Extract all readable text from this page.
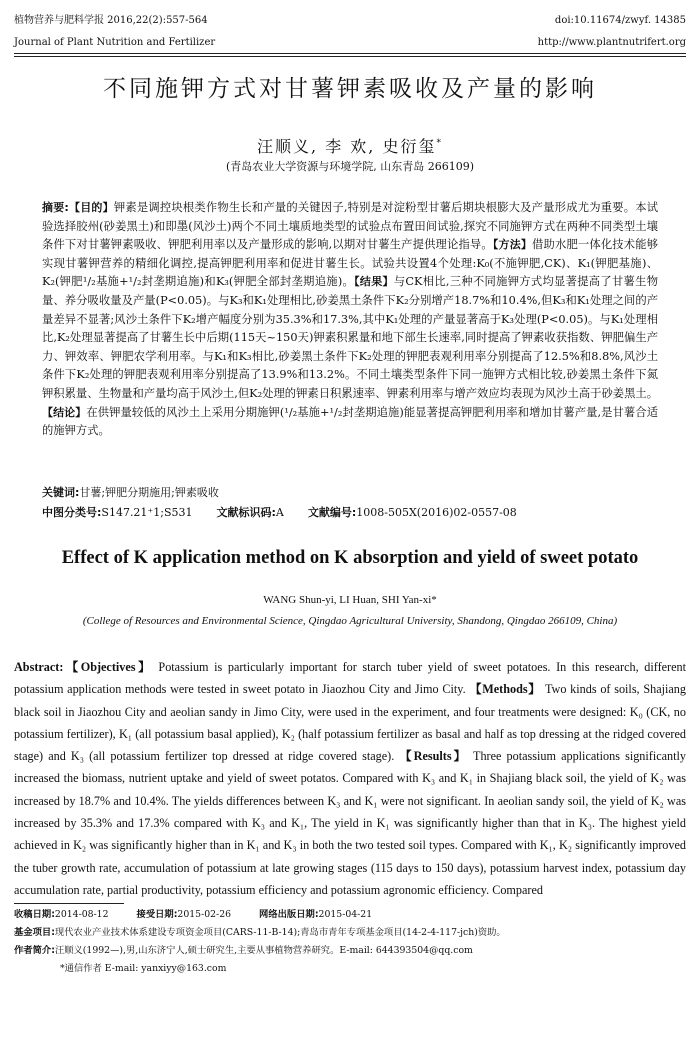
植物营养与肥料学报 2016,22(2):557-564	doi:10.11674/zwyf. 14385
Journal of Plant Nutrition and Fertilizer	http://www.plantnutrifert.org
不同施钾方式对甘薯钾素吸收及产量的影响
汪顺义, 李 欢, 史衍玺*
(青岛农业大学资源与环境学院, 山东青岛 266109)
摘要:【目的】钾素是调控块根类作物生长和产量的关键因子,特别是对淀粉型甘薯后期块根膨大及产量形成尤为重要。本试验选择胶州(砂姜黑土)和即墨(风沙土)两个不同土壤质地类型的试验点布置田间试验,探究不同施钾方式在两种不同类型土壤条件下对甘薯钾素吸收、钾肥利用率以及产量形成的影响,以期对甘薯生产提供理论指导。【方法】借助水肥一体化技术能够实现甘薯钾营养的精细化调控,提高钾肥利用率和促进甘薯生长。试验共设置4个处理:K₀(不施钾肥,CK)、K₁(钾肥基施)、K₂(钾肥¹/₂基施+¹/₂封垄期追施)和K₃(钾肥全部封垄期追施)。【结果】与CK相比,三种不同施钾方式均显著提高了甘薯生物量、养分吸收量及产量(P<0.05)。与K₃和K₁处理相比,砂姜黑土条件下K₂分别增产18.7%和10.4%,但K₃和K₁处理之间的产量差异不显著;风沙土条件下K₂增产幅度分别为35.3%和17.3%,其中K₁处理的产量显著高于K₃处理(P<0.05)。与K₁处理相比,K₂处理显著提高了甘薯生长中后期(115天~150天)钾素积累量和地下部生长速率,同时提高了钾素收获指数、钾肥偏生产力、钾效率、钾肥农学利用率。与K₁和K₃相比,砂姜黑土条件下K₂处理的钾肥表观利用率分别提高了12.5%和8.8%,风沙土条件下K₂处理的钾肥表观利用率分别提高了13.9%和13.2%。不同土壤类型条件下同一施钾方式相比较,砂姜黑土条件下氮钾积累量、生物量和产量均高于风沙土,但K₂处理的钾素日积累速率、钾素利用率与增产效应均表现为风沙土高于砂姜黑土。【结论】在供钾量较低的风沙土上采用分期施钾(¹/₂基施+¹/₂封垄期追施)能显著提高钾肥利用率和增加甘薯产量,是甘薯合适的施钾方式。
关键词:甘薯;钾肥分期施用;钾素吸收
中图分类号:S147.21⁺1;S531 文献标识码:A 文献编号:1008-505X(2016)02-0557-08
Effect of K application method on K absorption and yield of sweet potato
WANG Shun-yi, LI Huan, SHI Yan-xi*
(College of Resources and Environmental Science, Qingdao Agricultural University, Shandong, Qingdao 266109, China)
Abstract:【Objectives】 Potassium is particularly important for starch tuber yield of sweet potatoes. In this research, different potassium application methods were tested in sweet potato in Jiaozhou City and Jimo City. 【Methods】 Two kinds of soils, Shajiang black soil in Jiaozhou City and aeolian sandy in Jimo City, were used in the experiment, and four treatments were designed: K₀ (CK, no potassium fertilizer), K₁ (all potassium basal applied), K₂ (half potassium fertilizer as basal and half as top dressing at the ridged covered stage) and K₃ (all potassium fertilizer top dressed at ridge covered stage). 【Results】 Three potassium applications significantly increased the biomass, nutrient uptake and yield of sweet potatos. Compared with K₃ and K₁ in Shajiang black soil, the yield of K₂ was increased by 18.7% and 10.4%. The yields differences between K₃ and K₁ were not significant. In aeolian sandy soil, the yield of K₂ was increased by 35.3% and 17.3% compared with K₃ and K₁, The yield in K₁ was significantly higher than that in K₃. The highest yield achieved in K₂ was significantly higher than in K₁ and K₃ in both the two tested soil types. Compared with K₁, K₂ significantly improved the tuber growth rate, accumulation of potassium at late growing stages (115 days to 150 days), potassium harvest index, potassium day accumulation rate, partial productivity, potassium efficiency and potassium agronomic efficiency. Compared
收稿日期:2014-08-12	接受日期:2015-02-26	网络出版日期:2015-04-21
基金项目:现代农业产业技术体系建设专项资金项目(CARS-11-B-14);青岛市青年专项基金项目(14-2-4-117-jch)资助。
作者简介:汪顺义(1992—),男,山东济宁人,硕士研究生,主要从事植物营养研究。E-mail: 644393504@qq.com
*通信作者 E-mail: yanxiyy@163.com
